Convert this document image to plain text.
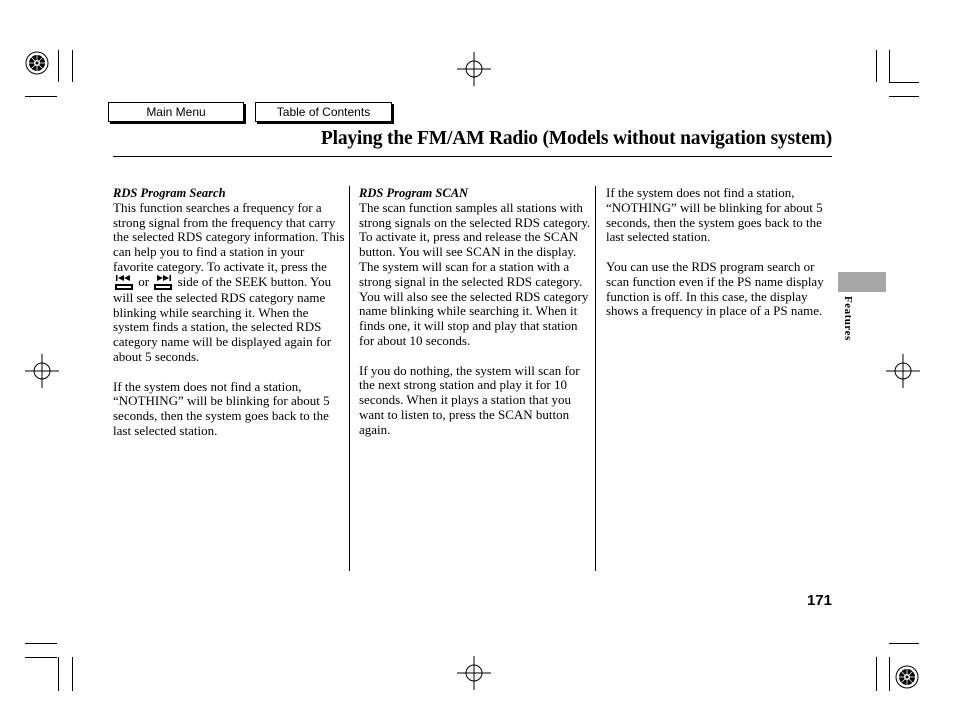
Main Menu	Table of Contents
Playing the FM/AM Radio (Models without navigation system)

RDS Program Search

This function searches a frequency for a strong signal from the frequency that carry the selected RDS category information. This can help you to find a station in your favorite category. To activate it, press the  or side of the SEEK button. You will see the selected RDS category name blinking while searching it. When the system finds a station, the selected RDS category name will be displayed again for about 5 seconds.

If the system does not find a station, “NOTHING” will be blinking for about 5 seconds, then the system goes back to the last selected station.

RDS Program SCAN

The scan function samples all stations with strong signals on the selected RDS category. To activate it, press and release the SCAN button. You will see SCAN in the display. The system will scan for a station with a strong signal in the selected RDS category. You will also see the selected RDS category name blinking while searching it. When it finds one, it will stop and play that station for about 10 seconds.

If you do nothing, the system will scan for the next strong station and play it for 10 seconds. When it plays a station that you want to listen to, press the SCAN button again.

If the system does not find a station, “NOTHING” will be blinking for about 5 seconds, then the system goes back to the last selected station.

You can use the RDS program search or scan function even if the PS name display function is off. In this case, the display shows a frequency in place of a PS name.	Features
171
